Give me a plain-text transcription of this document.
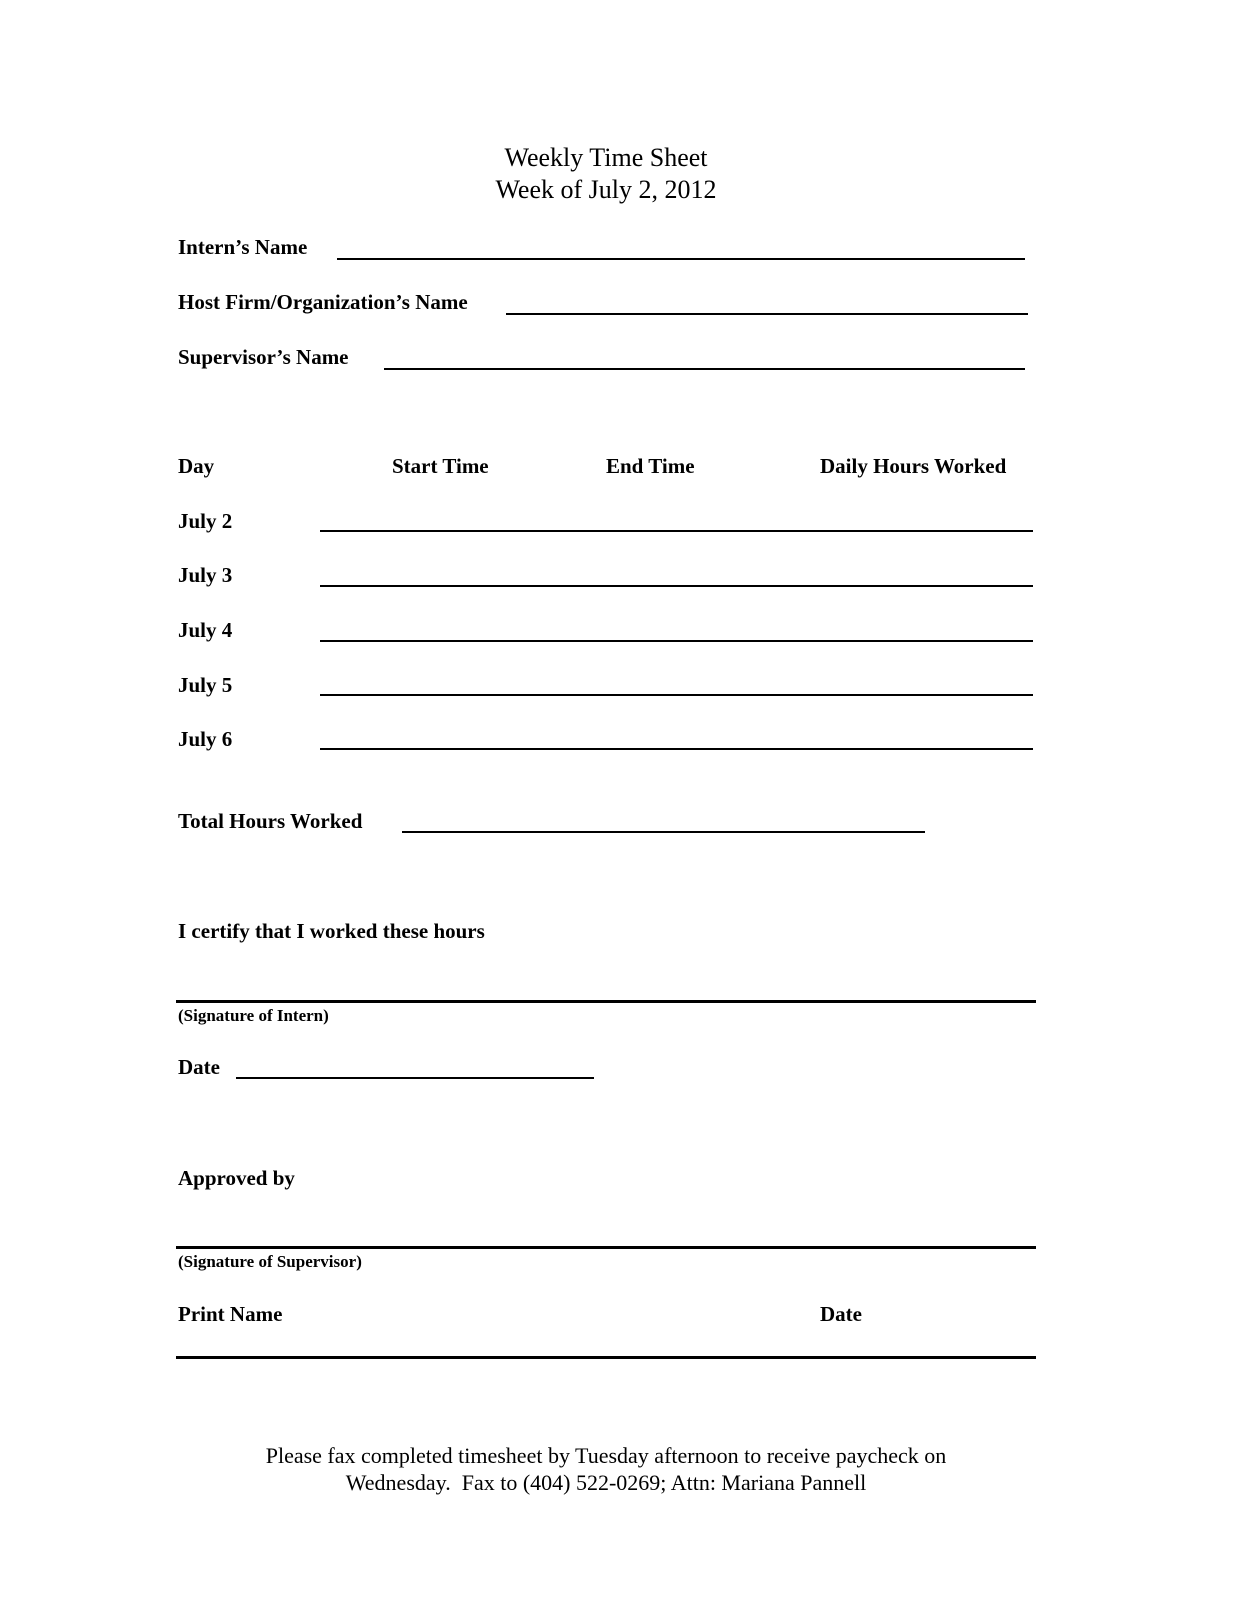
Weekly Time Sheet
Week of July 2, 2012
Intern’s Name
Host Firm/Organization’s Name
Supervisor’s Name
Day	Start Time	End Time	Daily Hours Worked
July 2
July 3
July 4
July 5
July 6
Total Hours Worked
I certify that I worked these hours
(Signature of Intern)
Date
Approved by
(Signature of Supervisor)
Print Name	Date
Please fax completed timesheet by Tuesday afternoon to receive paycheck on
Wednesday.  Fax to (404) 522-0269; Attn: Mariana Pannell
